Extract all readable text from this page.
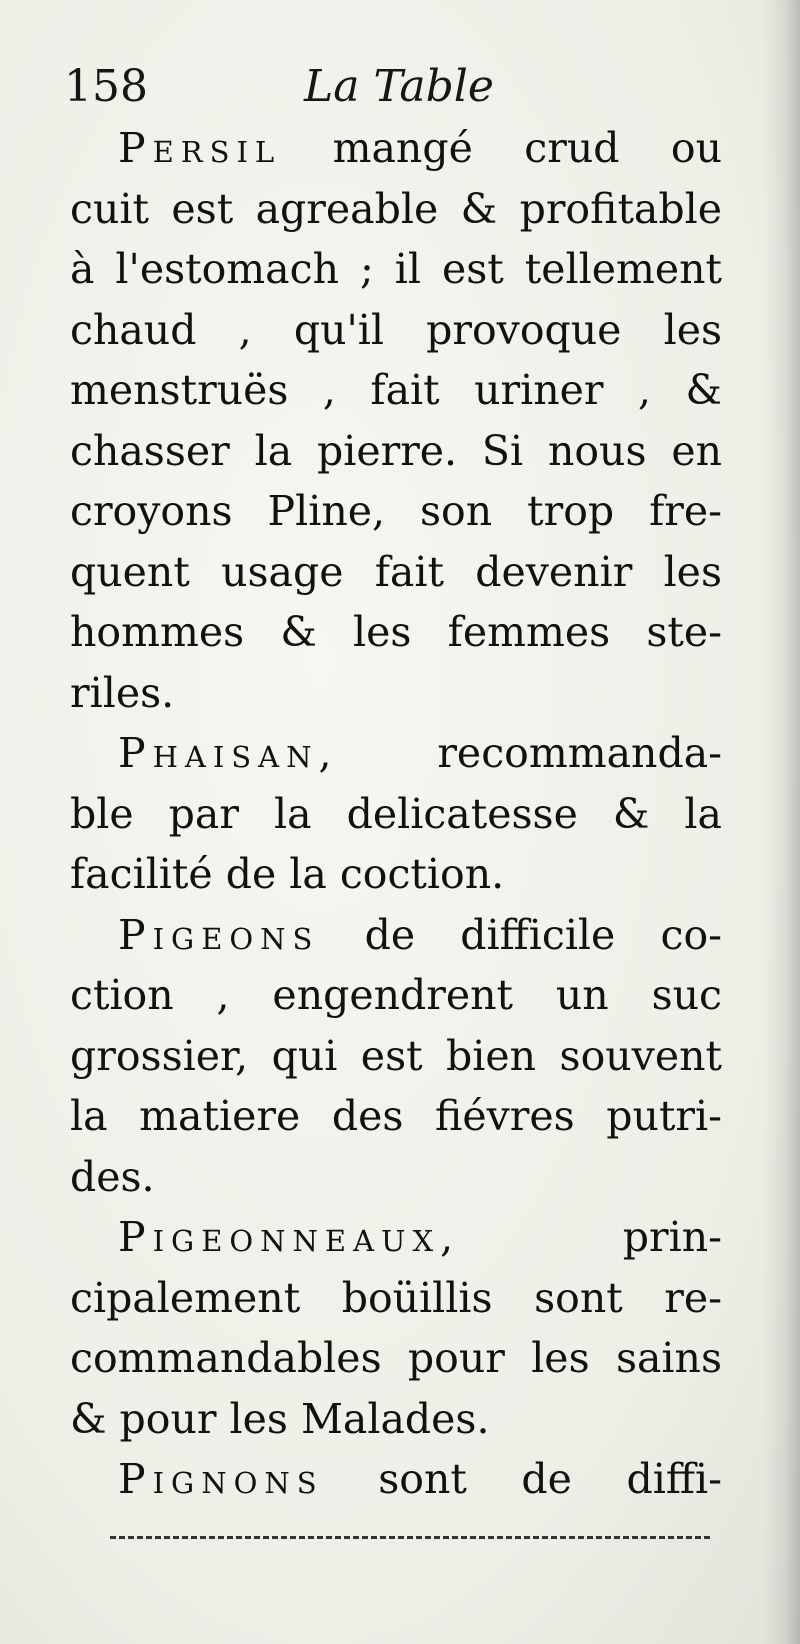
158	La Table
Persil mangé crud ou
cuit est agreable & profitable
à l'estomach ; il est tellement
chaud , qu'il provoque les
menstruës , fait uriner , &
chasser la pierre. Si nous en
croyons Pline, son trop fre-
quent usage fait devenir les
hommes & les femmes ste-
riles.
Phaisan, recommanda-
ble par la delicatesse & la
facilité de la coction.
Pigeons de difficile co-
ction , engendrent un suc
grossier, qui est bien souvent
la matiere des fiévres putri-
des.
Pigeonneaux, prin-
cipalement boüillis sont re-
commandables pour les sains
& pour les Malades.
Pignons sont de diffi-
